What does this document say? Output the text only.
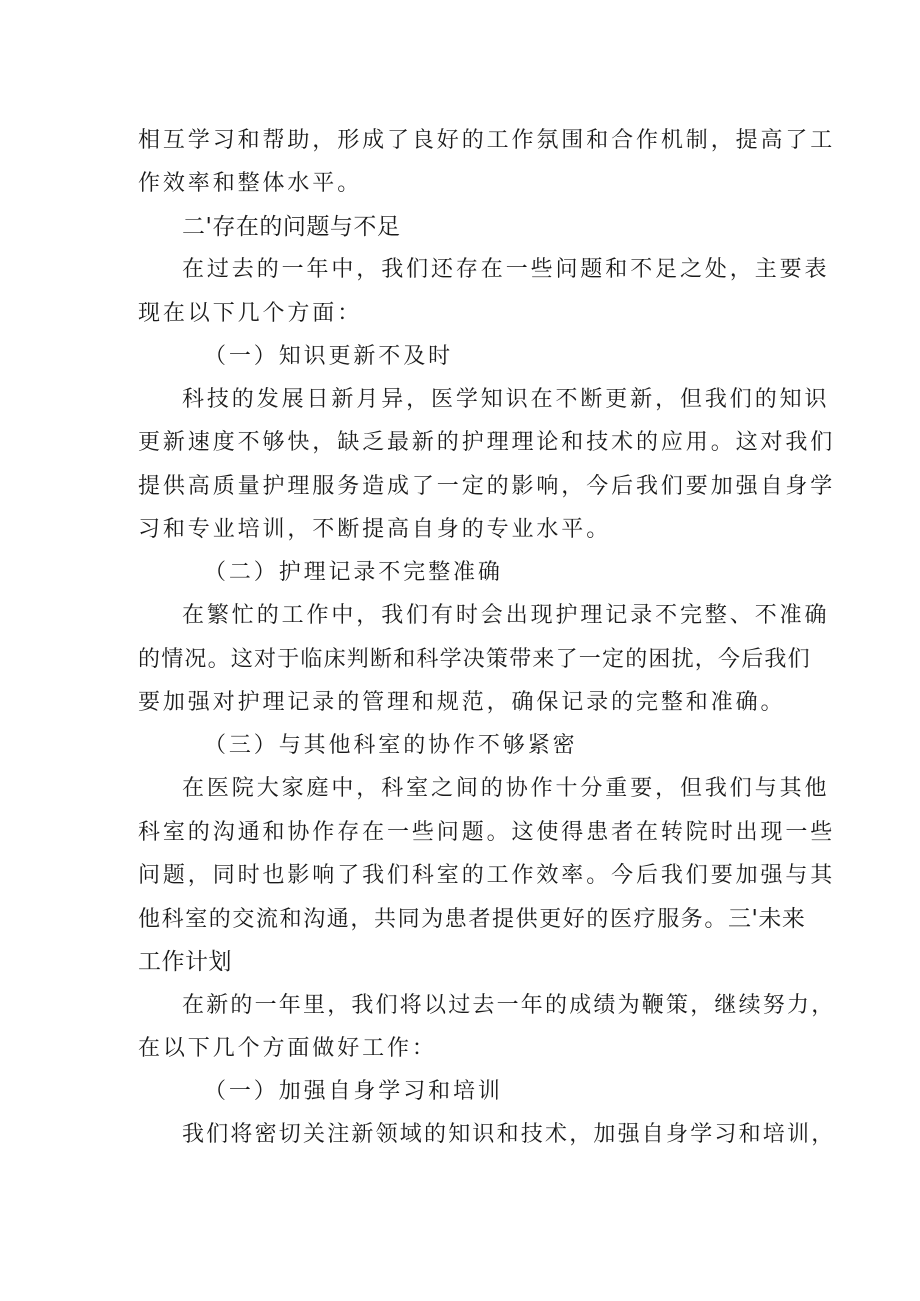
相互学习和帮助，形成了良好的工作氛围和合作机制，提高了工
作效率和整体水平。
二'存在的问题与不足
在过去的一年中，我们还存在一些问题和不足之处，主要表
现在以下几个方面：
（一）知识更新不及时
科技的发展日新月异，医学知识在不断更新，但我们的知识
更新速度不够快，缺乏最新的护理理论和技术的应用。这对我们
提供高质量护理服务造成了一定的影响，今后我们要加强自身学
习和专业培训，不断提高自身的专业水平。
（二）护理记录不完整准确
在繁忙的工作中，我们有时会出现护理记录不完整、不准确
的情况。这对于临床判断和科学决策带来了一定的困扰，今后我们
要加强对护理记录的管理和规范，确保记录的完整和准确。
（三）与其他科室的协作不够紧密
在医院大家庭中，科室之间的协作十分重要，但我们与其他
科室的沟通和协作存在一些问题。这使得患者在转院时出现一些
问题，同时也影响了我们科室的工作效率。今后我们要加强与其
他科室的交流和沟通，共同为患者提供更好的医疗服务。三'未来
工作计划
在新的一年里，我们将以过去一年的成绩为鞭策，继续努力，
在以下几个方面做好工作：
（一）加强自身学习和培训
我们将密切关注新领域的知识和技术，加强自身学习和培训，
